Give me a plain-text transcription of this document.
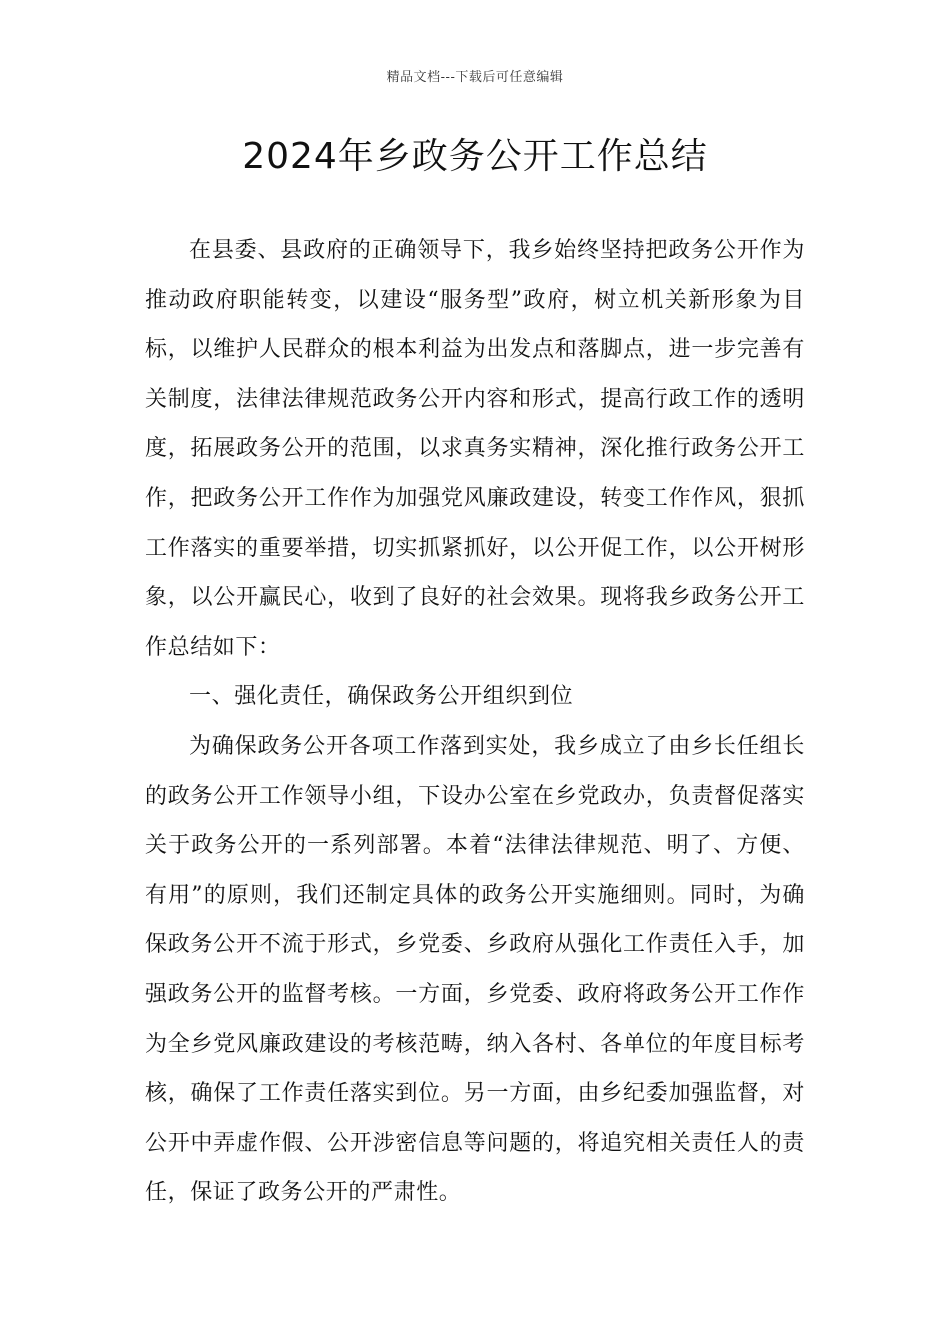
精品文档---下载后可任意编辑
2024年乡政务公开工作总结

在县委、县政府的正确领导下，我乡始终坚持把政务公开作为推动政府职能转变，以建设“服务型”政府，树立机关新形象为目标，以维护人民群众的根本利益为出发点和落脚点，进一步完善有关制度，法律法律规范政务公开内容和形式，提高行政工作的透明度，拓展政务公开的范围，以求真务实精神，深化推行政务公开工作，把政务公开工作作为加强党风廉政建设，转变工作作风，狠抓工作落实的重要举措，切实抓紧抓好，以公开促工作，以公开树形象，以公开赢民心，收到了良好的社会效果。现将我乡政务公开工作总结如下：

一、强化责任，确保政务公开组织到位

为确保政务公开各项工作落到实处，我乡成立了由乡长任组长的政务公开工作领导小组，下设办公室在乡党政办，负责督促落实关于政务公开的一系列部署。本着“法律法律规范、明了、方便、有用”的原则，我们还制定具体的政务公开实施细则。同时，为确保政务公开不流于形式，乡党委、乡政府从强化工作责任入手，加强政务公开的监督考核。一方面，乡党委、政府将政务公开工作作为全乡党风廉政建设的考核范畴，纳入各村、各单位的年度目标考核，确保了工作责任落实到位。另一方面，由乡纪委加强监督，对公开中弄虚作假、公开涉密信息等问题的，将追究相关责任人的责任，保证了政务公开的严肃性。
